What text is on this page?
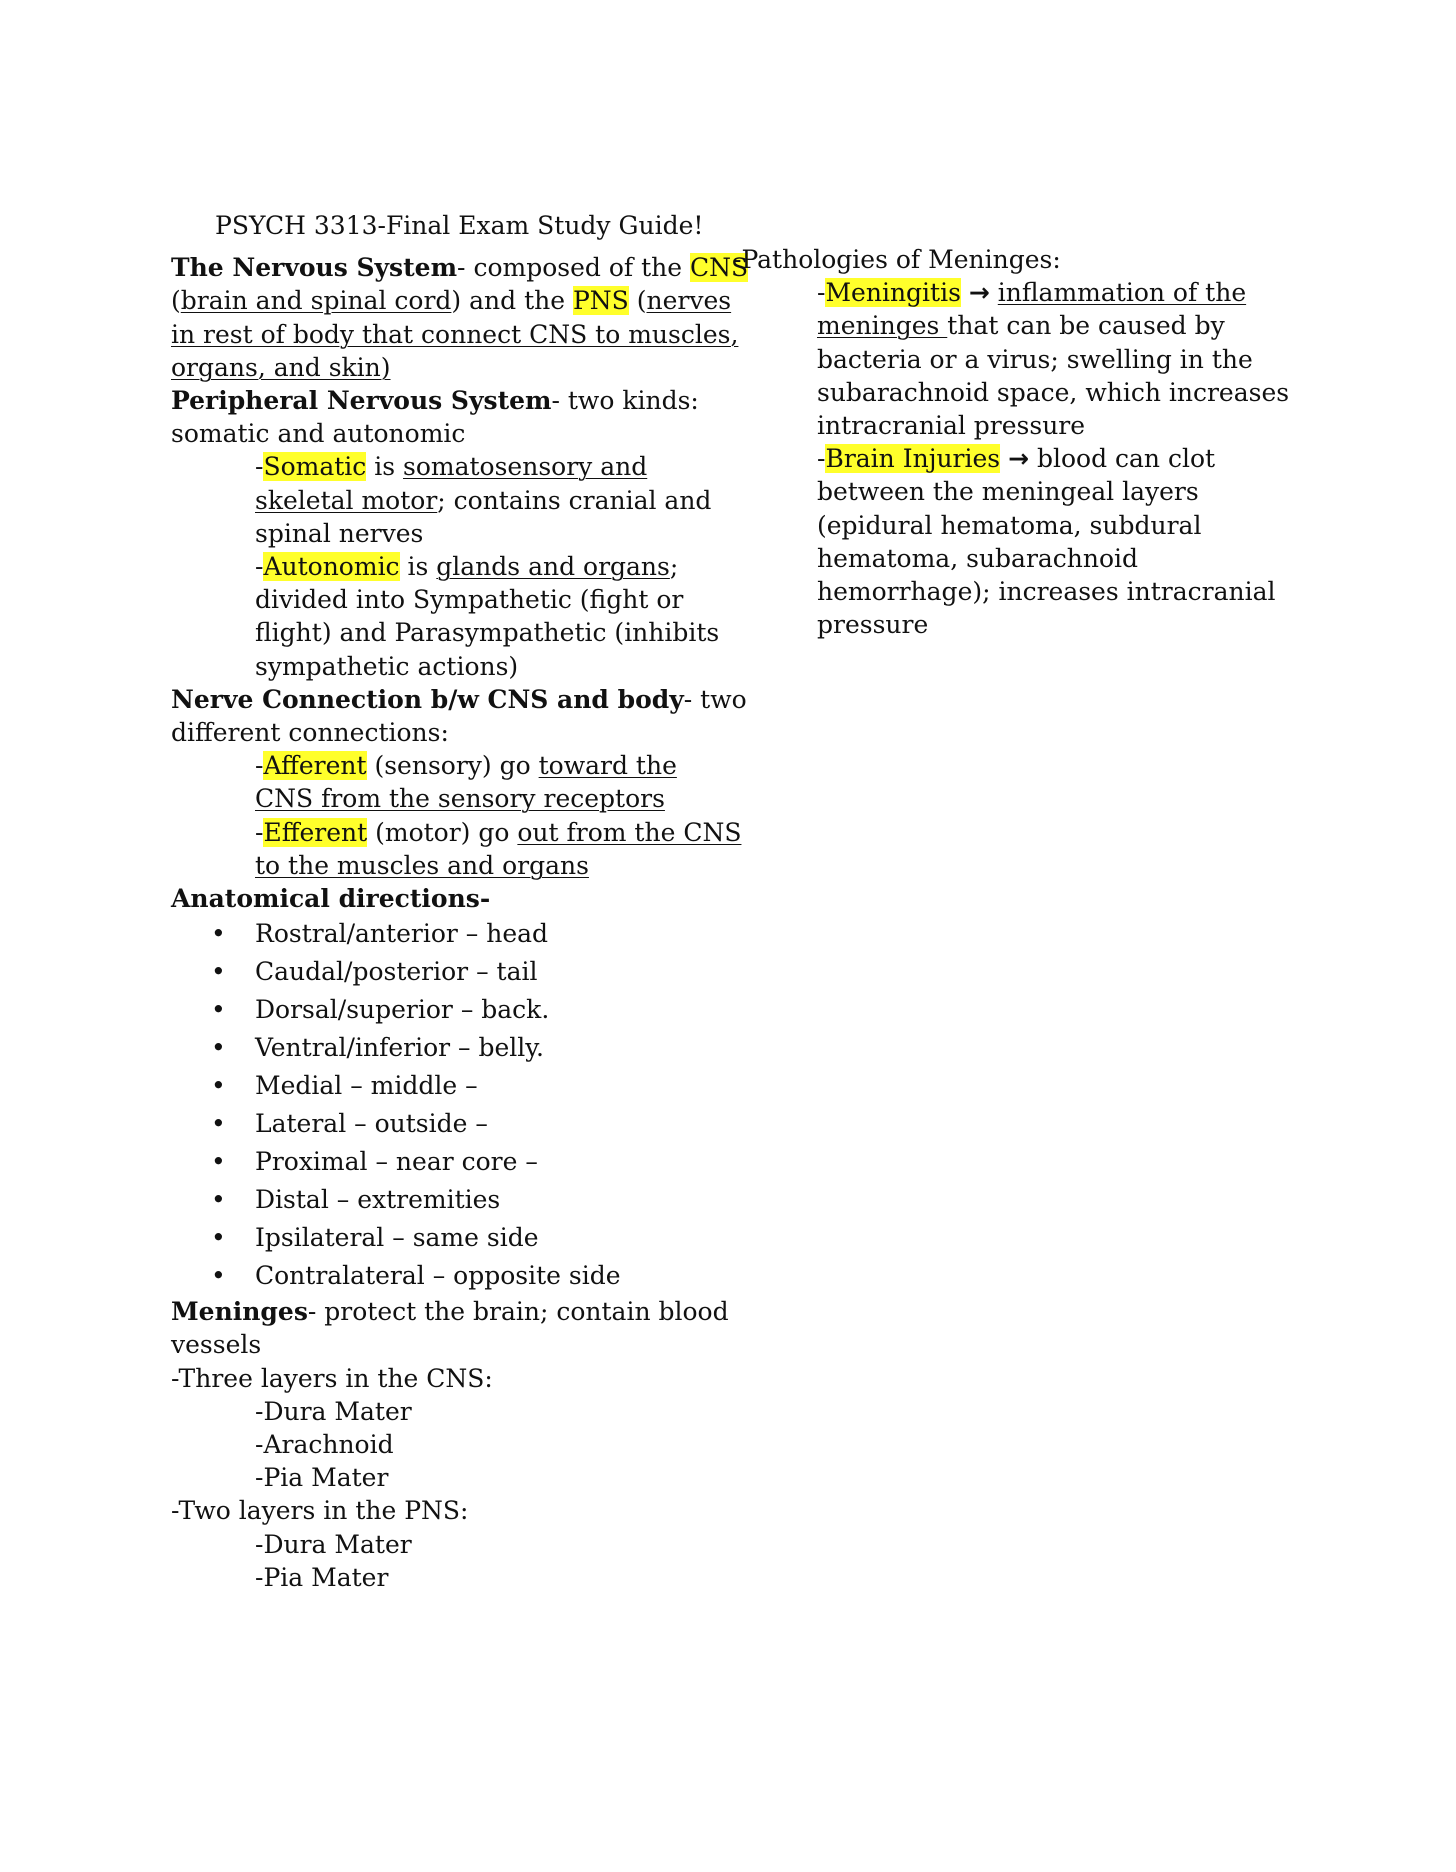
PSYCH 3313-Final Exam Study Guide!
The Nervous System- composed of the CNS
(brain and spinal cord) and the PNS (nerves
in rest of body that connect CNS to muscles,
organs, and skin)
Peripheral Nervous System- two kinds:
somatic and autonomic
-Somatic is somatosensory and
skeletal motor; contains cranial and
spinal nerves
-Autonomic is glands and organs;
divided into Sympathetic (fight or
flight) and Parasympathetic (inhibits
sympathetic actions)
Nerve Connection b/w CNS and body- two
different connections:
-Afferent (sensory) go toward the
CNS from the sensory receptors
-Efferent (motor) go out from the CNS
to the muscles and organs
Anatomical directions-
• Rostral/anterior – head
• Caudal/posterior – tail
• Dorsal/superior – back.
• Ventral/inferior – belly.
• Medial – middle –
• Lateral – outside –
• Proximal – near core –
• Distal – extremities
• Ipsilateral – same side
• Contralateral – opposite side
Meninges- protect the brain; contain blood
vessels
-Three layers in the CNS:
-Dura Mater
-Arachnoid
-Pia Mater
-Two layers in the PNS:
-Dura Mater
-Pia Mater
-Pathologies of Meninges:
-Meningitis → inflammation of the
meninges that can be caused by
bacteria or a virus; swelling in the
subarachnoid space, which increases
intracranial pressure
-Brain Injuries → blood can clot
between the meningeal layers
(epidural hematoma, subdural
hematoma, subarachnoid
hemorrhage); increases intracranial
pressure
